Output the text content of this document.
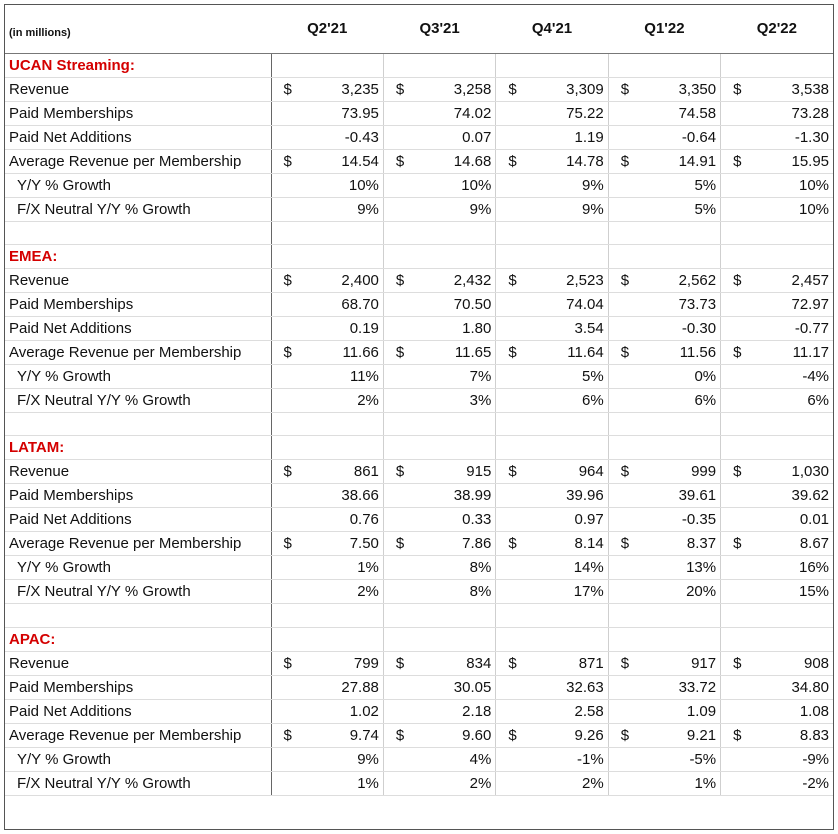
(in millions)	Q2'21		Q3'21		Q4'21		Q1'22		Q2'22	
UCAN Streaming:										
Revenue	$	3,235	$	3,258	$	3,309	$	3,350	$	3,538
Paid Memberships		73.95		74.02		75.22		74.58		73.28
Paid Net Additions		-0.43		0.07		1.19		-0.64		-1.30
Average Revenue per Membership	$	14.54	$	14.68	$	14.78	$	14.91	$	15.95
Y/Y % Growth		10%		10%		9%		5%		10%
F/X Neutral Y/Y % Growth		9%		9%		9%		5%		10%

EMEA:										
Revenue	$	2,400	$	2,432	$	2,523	$	2,562	$	2,457
Paid Memberships		68.70		70.50		74.04		73.73		72.97
Paid Net Additions		0.19		1.80		3.54		-0.30		-0.77
Average Revenue per Membership	$	11.66	$	11.65	$	11.64	$	11.56	$	11.17
Y/Y % Growth		11%		7%		5%		0%		-4%
F/X Neutral Y/Y % Growth		2%		3%		6%		6%		6%

LATAM:										
Revenue	$	861	$	915	$	964	$	999	$	1,030
Paid Memberships		38.66		38.99		39.96		39.61		39.62
Paid Net Additions		0.76		0.33		0.97		-0.35		0.01
Average Revenue per Membership	$	7.50	$	7.86	$	8.14	$	8.37	$	8.67
Y/Y % Growth		1%		8%		14%		13%		16%
F/X Neutral Y/Y % Growth		2%		8%		17%		20%		15%

APAC:										
Revenue	$	799	$	834	$	871	$	917	$	908
Paid Memberships		27.88		30.05		32.63		33.72		34.80
Paid Net Additions		1.02		2.18		2.58		1.09		1.08
Average Revenue per Membership	$	9.74	$	9.60	$	9.26	$	9.21	$	8.83
Y/Y % Growth		9%		4%		-1%		-5%		-9%
F/X Neutral Y/Y % Growth		1%		2%		2%		1%		-2%
